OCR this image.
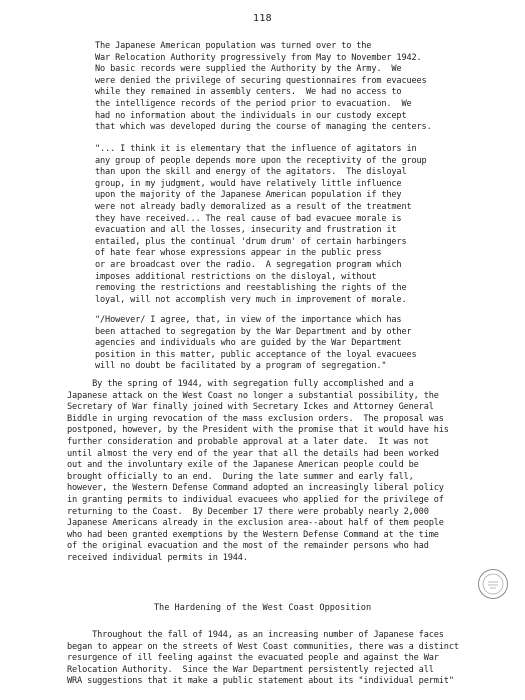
118
The Japanese American population was turned over to the
War Relocation Authority progressively from May to November 1942.
No basic records were supplied the Authority by the Army.  We
were denied the privilege of securing questionnaires from evacuees
while they remained in assembly centers.  We had no access to
the intelligence records of the period prior to evacuation.  We
had no information about the individuals in our custody except
that which was developed during the course of managing the centers.
"... I think it is elementary that the influence of agitators in
any group of people depends more upon the receptivity of the group
than upon the skill and energy of the agitators.  The disloyal
group, in my judgment, would have relatively little influence
upon the majority of the Japanese American population if they
were not already badly demoralized as a result of the treatment
they have received... The real cause of bad evacuee morale is
evacuation and all the losses, insecurity and frustration it
entailed, plus the continual 'drum drum' of certain harbingers
of hate fear whose expressions appear in the public press
or are broadcast over the radio.  A segregation program which
imposes additional restrictions on the disloyal, without
removing the restrictions and reestablishing the rights of the
loyal, will not accomplish very much in improvement of morale.
"/However/ I agree, that, in view of the importance which has
been attached to segregation by the War Department and by other
agencies and individuals who are guided by the War Department
position in this matter, public acceptance of the loyal evacuees
will no doubt be facilitated by a program of segregation."
By the spring of 1944, with segregation fully accomplished and a
Japanese attack on the West Coast no longer a substantial possibility, the
Secretary of War finally joined with Secretary Ickes and Attorney General
Biddle in urging revocation of the mass exclusion orders.  The proposal was
postponed, however, by the President with the promise that it would have his
further consideration and probable approval at a later date.  It was not
until almost the very end of the year that all the details had been worked
out and the involuntary exile of the Japanese American people could be
brought officially to an end.  During the late summer and early fall,
however, the Western Defense Command adopted an increasingly liberal policy
in granting permits to individual evacuees who applied for the privilege of
returning to the Coast.  By December 17 there were probably nearly 2,000
Japanese Americans already in the exclusion area--about half of them people
who had been granted exemptions by the Western Defense Command at the time
of the original evacuation and the most of the remainder persons who had
received individual permits in 1944.
The Hardening of the West Coast Opposition
Throughout the fall of 1944, as an increasing number of Japanese faces
began to appear on the streets of West Coast communities, there was a distinct
resurgence of ill feeling against the evacuated people and against the War
Relocation Authority.  Since the War Department persistently rejected all
WRA suggestions that it make a public statement about its "individual permit"
